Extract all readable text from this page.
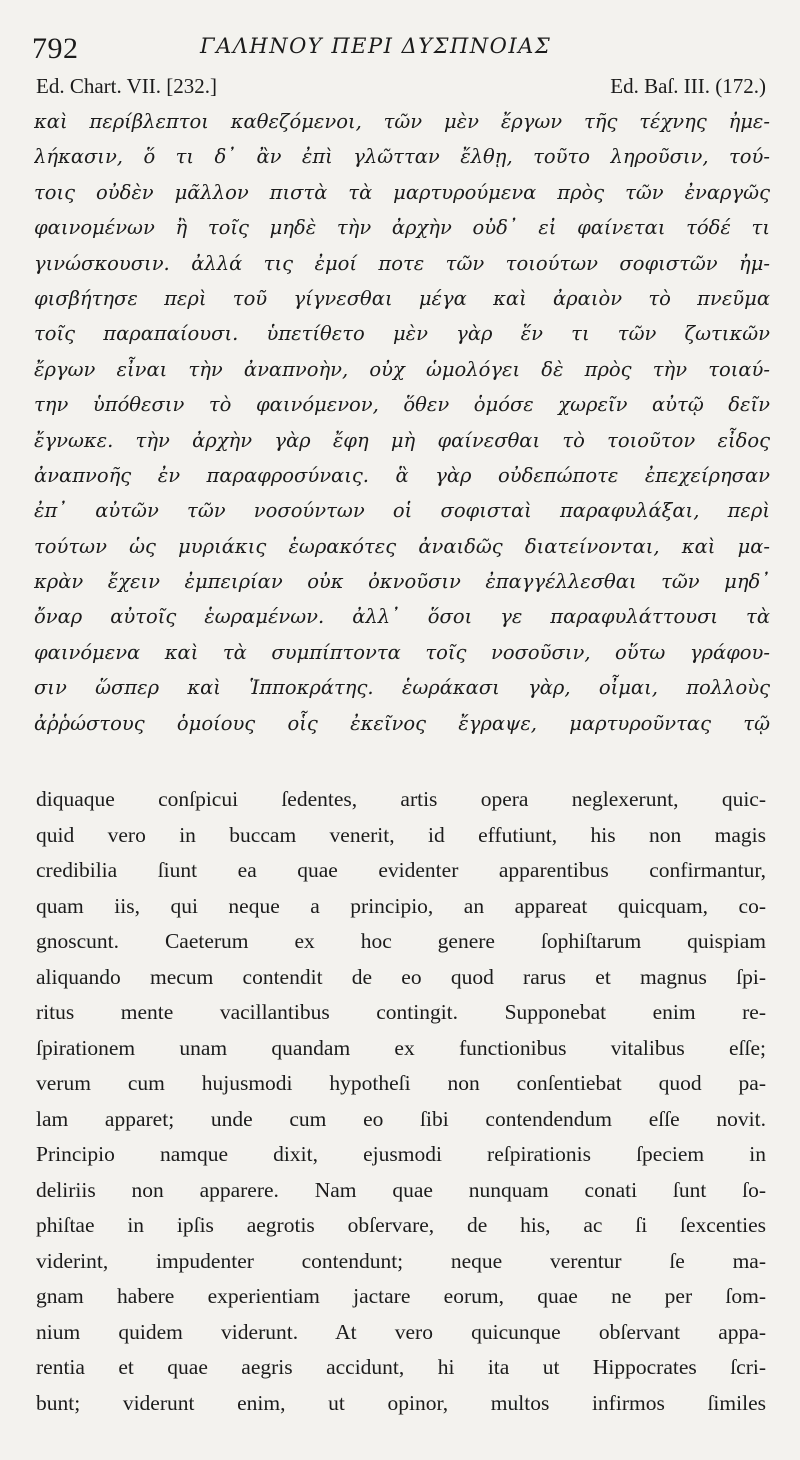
792	ΓΑΛΗΝΟΥ ΠΕΡΙ ΔΥΣΠΝΟΙΑΣ
Ed. Chart. VII. [232.]	Ed. Baſ. III. (172.)
καὶ περίβλεπτοι καθεζόμενοι, τῶν μὲν ἔργων τῆς τέχνης ἠμε-
λήκασιν, ὅ τι δ᾽ ἂν ἐπὶ γλῶτταν ἔλθῃ, τοῦτο ληροῦσιν, τού-
τοις οὐδὲν μᾶλλον πιστὰ τὰ μαρτυρούμενα πρὸς τῶν ἐναργῶς
φαινομένων ἢ τοῖς μηδὲ τὴν ἀρχὴν οὐδ᾽ εἰ φαίνεται τόδέ τι
γινώσκουσιν. ἀλλά τις ἐμοί ποτε τῶν τοιούτων σοφιστῶν ἠμ-
φισβήτησε περὶ τοῦ γίγνεσθαι μέγα καὶ ἀραιὸν τὸ πνεῦμα
τοῖς παραπαίουσι. ὑπετίθετο μὲν γὰρ ἕν τι τῶν ζωτικῶν
ἔργων εἶναι τὴν ἀναπνοὴν, οὐχ ὡμολόγει δὲ πρὸς τὴν τοιαύ-
την ὑπόθεσιν τὸ φαινόμενον, ὅθεν ὁμόσε χωρεῖν αὐτῷ δεῖν
ἔγνωκε. τὴν ἀρχὴν γὰρ ἔφη μὴ φαίνεσθαι τὸ τοιοῦτον εἶδος
ἀναπνοῆς ἐν παραφροσύναις. ἃ γὰρ οὐδεπώποτε ἐπεχείρησαν
ἐπ᾽ αὐτῶν τῶν νοσούντων οἱ σοφισταὶ παραφυλάξαι, περὶ
τούτων ὡς μυριάκις ἑωρακότες ἀναιδῶς διατείνονται, καὶ μα-
κρὰν ἔχειν ἐμπειρίαν οὐκ ὀκνοῦσιν ἐπαγγέλλεσθαι τῶν μηδ᾽
ὄναρ αὐτοῖς ἑωραμένων. ἀλλ᾽ ὅσοι γε παραφυλάττουσι τὰ
φαινόμενα καὶ τὰ συμπίπτοντα τοῖς νοσοῦσιν, οὕτω γράφου-
σιν ὥσπερ καὶ Ἱπποκράτης. ἑωράκασι γὰρ, οἶμαι, πολλοὺς
ἀῤῥώστους ὁμοίους οἷς ἐκεῖνος ἔγραψε, μαρτυροῦντας τῷ
diquaque conſpicui ſedentes, artis opera neglexerunt, quic-
quid vero in buccam venerit, id effutiunt, his non magis
credibilia ſiunt ea quae evidenter apparentibus confirmantur,
quam iis, qui neque a principio, an appareat quicquam, co-
gnoscunt. Caeterum ex hoc genere ſophiſtarum quispiam
aliquando mecum contendit de eo quod rarus et magnus ſpi-
ritus mente vacillantibus contingit. Supponebat enim re-
ſpirationem unam quandam ex functionibus vitalibus eſſe;
verum cum hujusmodi hypotheſi non conſentiebat quod pa-
lam apparet; unde cum eo ſibi contendendum eſſe novit.
Principio namque dixit, ejusmodi reſpirationis ſpeciem in
deliriis non apparere. Nam quae nunquam conati ſunt ſo-
phiſtae in ipſis aegrotis obſervare, de his, ac ſi ſexcenties
viderint, impudenter contendunt; neque verentur ſe ma-
gnam habere experientiam jactare eorum, quae ne per ſom-
nium quidem viderunt. At vero quicunque obſervant appa-
rentia et quae aegris accidunt, hi ita ut Hippocrates ſcri-
bunt; viderunt enim, ut opinor, multos infirmos ſimiles
